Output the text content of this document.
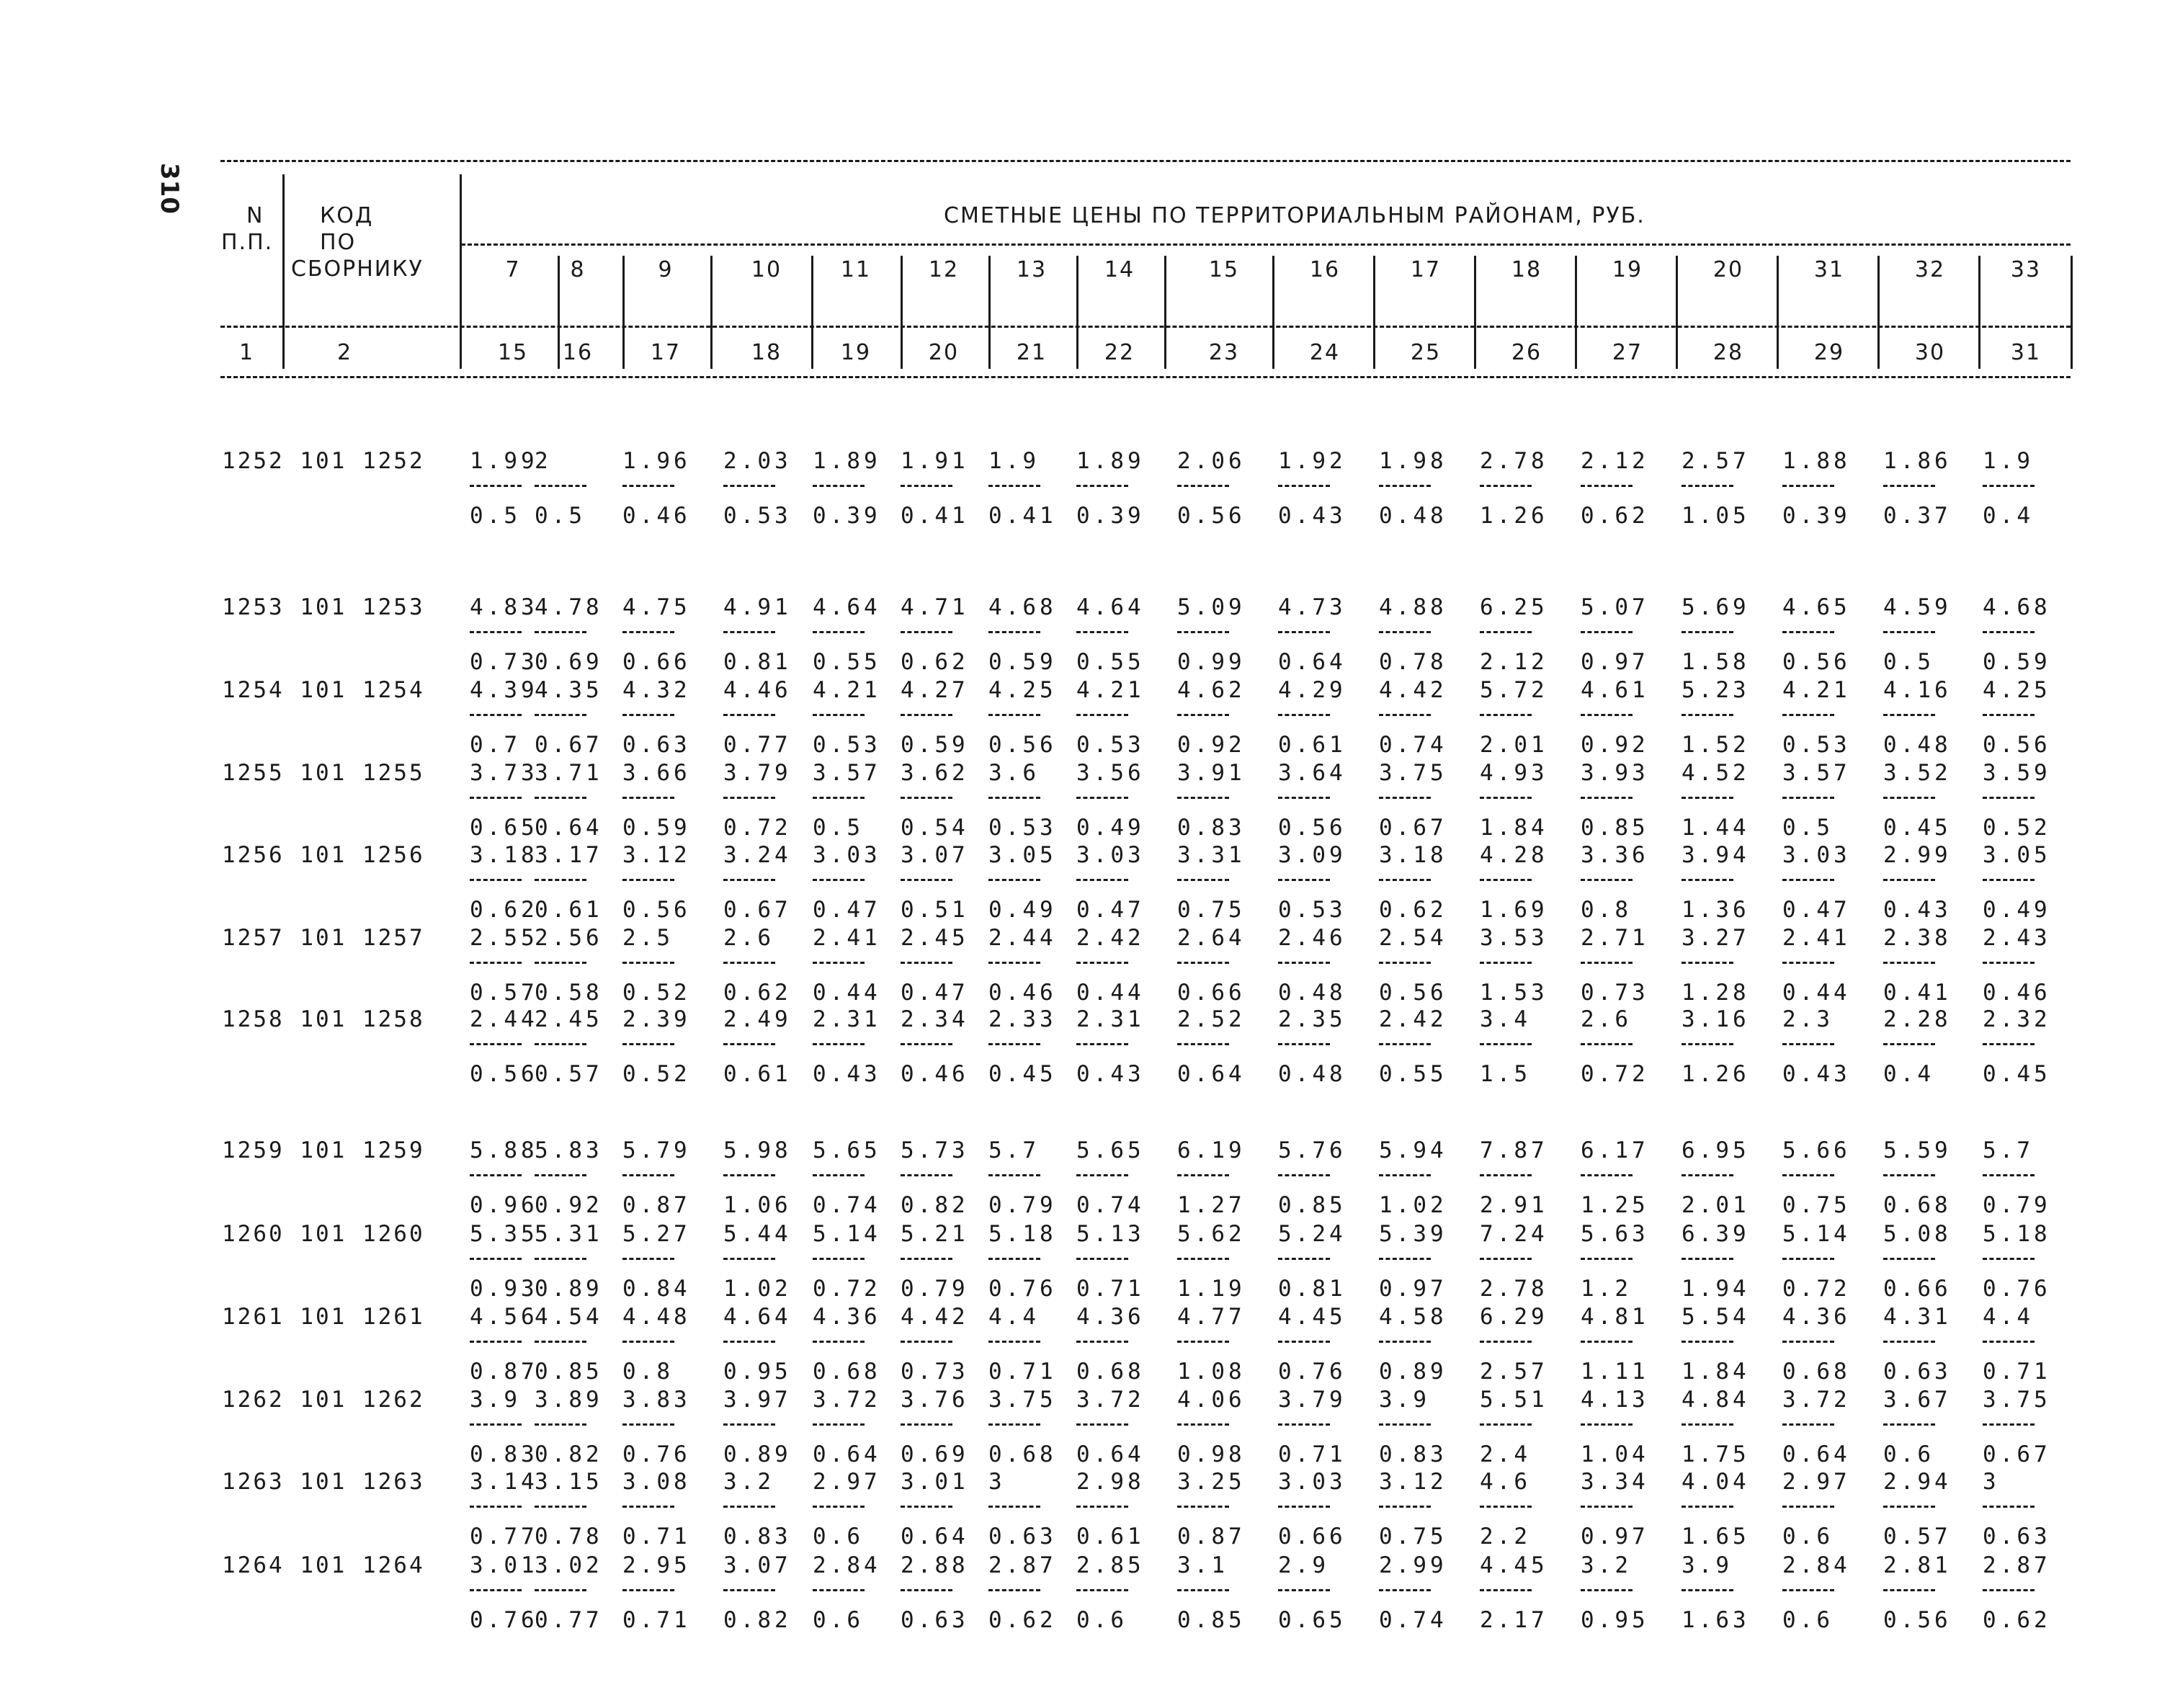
310
N
П.П.
КОД
ПО
СБОРНИКУ
СМЕТНЫЕ ЦЕНЫ ПО ТЕРРИТОРИАЛЬНЫМ РАЙОНАМ, РУБ.
1	2
7
15
8
16
9
17
10
18
11
19
12
20
13
21
14
22
15
23
16
24
17
25
18
26
19
27
20
28
31
29
32
30
33
31
1252 101 1252 1.99
0.5
2
0.5
1.96
0.46
2.03
0.53
1.89
0.39
1.91
0.41
1.9
0.41
1.89
0.39
2.06
0.56
1.92
0.43
1.98
0.48
2.78
1.26
2.12
0.62
2.57
1.05
1.88
0.39
1.86
0.37
1.9
0.4
1253 101 1253 4.83
0.73
4.78
0.69
4.75
0.66
4.91
0.81
4.64
0.55
4.71
0.62
4.68
0.59
4.64
0.55
5.09
0.99
4.73
0.64
4.88
0.78
6.25
2.12
5.07
0.97
5.69
1.58
4.65
0.56
4.59
0.5
4.68
0.59
1254 101 1254 4.39
0.7
4.35
0.67
4.32
0.63
4.46
0.77
4.21
0.53
4.27
0.59
4.25
0.56
4.21
0.53
4.62
0.92
4.29
0.61
4.42
0.74
5.72
2.01
4.61
0.92
5.23
1.52
4.21
0.53
4.16
0.48
4.25
0.56
1255 101 1255 3.73
0.65
3.71
0.64
3.66
0.59
3.79
0.72
3.57
0.5
3.62
0.54
3.6
0.53
3.56
0.49
3.91
0.83
3.64
0.56
3.75
0.67
4.93
1.84
3.93
0.85
4.52
1.44
3.57
0.5
3.52
0.45
3.59
0.52
1256 101 1256 3.18
0.62
3.17
0.61
3.12
0.56
3.24
0.67
3.03
0.47
3.07
0.51
3.05
0.49
3.03
0.47
3.31
0.75
3.09
0.53
3.18
0.62
4.28
1.69
3.36
0.8
3.94
1.36
3.03
0.47
2.99
0.43
3.05
0.49
1257 101 1257 2.55
0.57
2.56
0.58
2.5
0.52
2.6
0.62
2.41
0.44
2.45
0.47
2.44
0.46
2.42
0.44
2.64
0.66
2.46
0.48
2.54
0.56
3.53
1.53
2.71
0.73
3.27
1.28
2.41
0.44
2.38
0.41
2.43
0.46
1258 101 1258 2.44
0.56
2.45
0.57
2.39
0.52
2.49
0.61
2.31
0.43
2.34
0.46
2.33
0.45
2.31
0.43
2.52
0.64
2.35
0.48
2.42
0.55
3.4
1.5
2.6
0.72
3.16
1.26
2.3
0.43
2.28
0.4
2.32
0.45
1259 101 1259 5.88
0.96
5.83
0.92
5.79
0.87
5.98
1.06
5.65
0.74
5.73
0.82
5.7
0.79
5.65
0.74
6.19
1.27
5.76
0.85
5.94
1.02
7.87
2.91
6.17
1.25
6.95
2.01
5.66
0.75
5.59
0.68
5.7
0.79
1260 101 1260 5.35
0.93
5.31
0.89
5.27
0.84
5.44
1.02
5.14
0.72
5.21
0.79
5.18
0.76
5.13
0.71
5.62
1.19
5.24
0.81
5.39
0.97
7.24
2.78
5.63
1.2
6.39
1.94
5.14
0.72
5.08
0.66
5.18
0.76
1261 101 1261 4.56
0.87
4.54
0.85
4.48
0.8
4.64
0.95
4.36
0.68
4.42
0.73
4.4
0.71
4.36
0.68
4.77
1.08
4.45
0.76
4.58
0.89
6.29
2.57
4.81
1.11
5.54
1.84
4.36
0.68
4.31
0.63
4.4
0.71
1262 101 1262 3.9
0.83
3.89
0.82
3.83
0.76
3.97
0.89
3.72
0.64
3.76
0.69
3.75
0.68
3.72
0.64
4.06
0.98
3.79
0.71
3.9
0.83
5.51
2.4
4.13
1.04
4.84
1.75
3.72
0.64
3.67
0.6
3.75
0.67
1263 101 1263 3.14
0.77
3.15
0.78
3.08
0.71
3.2
0.83
2.97
0.6
3.01
0.64
3
0.63
2.98
0.61
3.25
0.87
3.03
0.66
3.12
0.75
4.6
2.2
3.34
0.97
4.04
1.65
2.97
0.6
2.94
0.57
3
0.63
1264 101 1264 3.01
0.76
3.02
0.77
2.95
0.71
3.07
0.82
2.84
0.6
2.88
0.63
2.87
0.62
2.85
0.6
3.1
0.85
2.9
0.65
2.99
0.74
4.45
2.17
3.2
0.95
3.9
1.63
2.84
0.6
2.81
0.56
2.87
0.62
